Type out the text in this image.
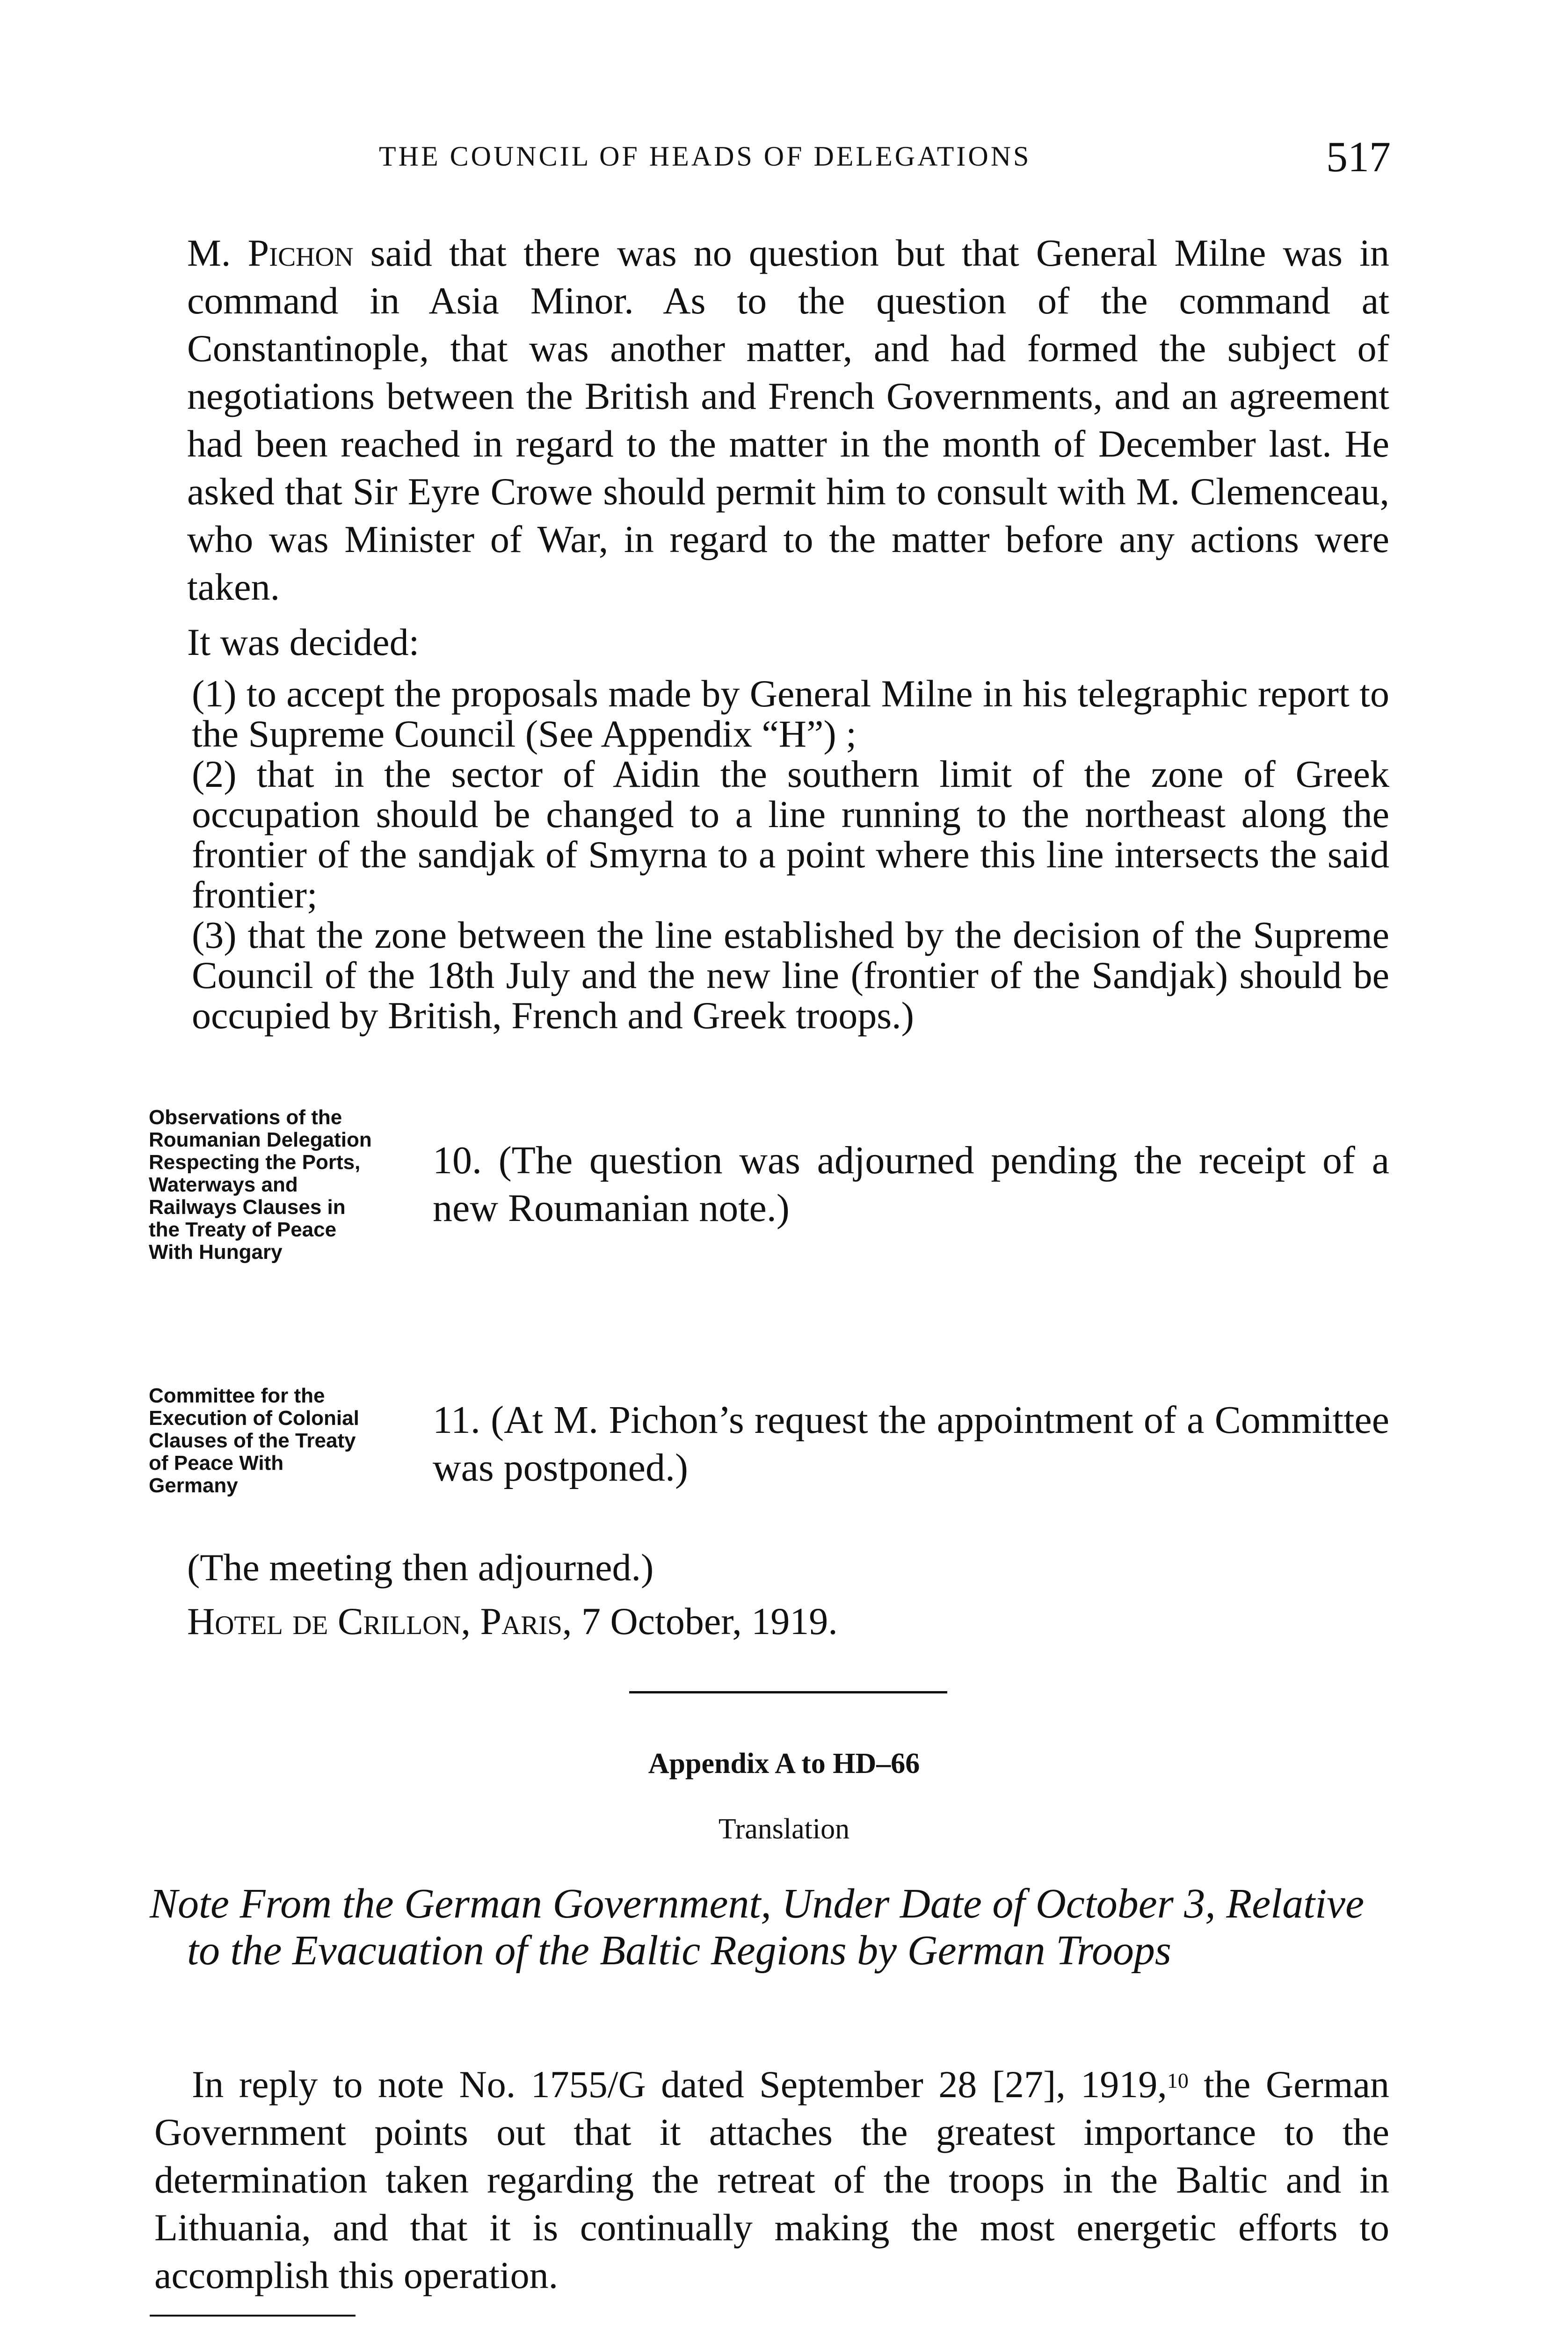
THE COUNCIL OF HEADS OF DELEGATIONS	517
M. Pichon said that there was no question but that General Milne was in command in Asia Minor. As to the question of the command at Constantinople, that was another matter, and had formed the subject of negotiations between the British and French Governments, and an agreement had been reached in regard to the matter in the month of December last. He asked that Sir Eyre Crowe should permit him to consult with M. Clemenceau, who was Minister of War, in regard to the matter before any actions were taken.
It was decided:
(1) to accept the proposals made by General Milne in his telegraphic report to the Supreme Council (See Appendix “H”) ;
(2) that in the sector of Aidin the southern limit of the zone of Greek occupation should be changed to a line running to the northeast along the frontier of the sandjak of Smyrna to a point where this line intersects the said frontier;
(3) that the zone between the line established by the decision of the Supreme Council of the 18th July and the new line (frontier of the Sandjak) should be occupied by British, French and Greek troops.)
Observations of the Roumanian Delegation Respecting the Ports, Waterways and Railways Clauses in the Treaty of Peace With Hungary
10. (The question was adjourned pending the receipt of a new Roumanian note.)
Committee for the Execution of Colonial Clauses of the Treaty of Peace With Germany
11. (At M. Pichon’s request the appointment of a Committee was postponed.)
(The meeting then adjourned.)
Hotel de Crillon, Paris, 7 October, 1919.
Appendix A to HD–66
Translation
Note From the German Government, Under Date of October 3, Relative to the Evacuation of the Baltic Regions by German Troops
In reply to note No. 1755/G dated September 28 [27], 1919,10 the German Government points out that it attaches the greatest importance to the determination taken regarding the retreat of the troops in the Baltic and in Lithuania, and that it is continually making the most energetic efforts to accomplish this operation.
